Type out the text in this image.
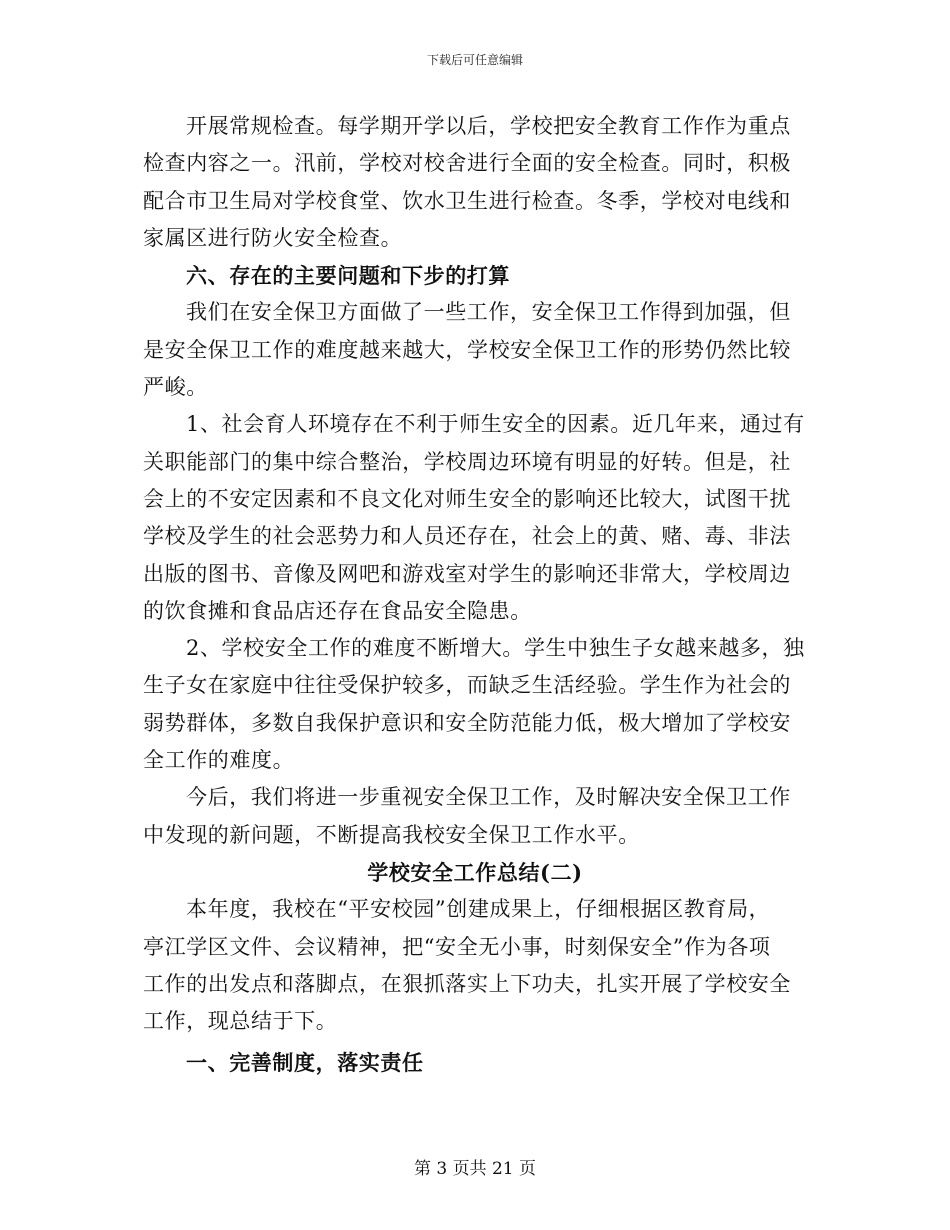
下载后可任意编辑
开展常规检查。每学期开学以后，学校把安全教育工作作为重点
检查内容之一。汛前，学校对校舍进行全面的安全检查。同时，积极
配合市卫生局对学校食堂、饮水卫生进行检查。冬季，学校对电线和
家属区进行防火安全检查。
六、存在的主要问题和下步的打算
我们在安全保卫方面做了一些工作，安全保卫工作得到加强，但
是安全保卫工作的难度越来越大，学校安全保卫工作的形势仍然比较
严峻。
1、社会育人环境存在不利于师生安全的因素。近几年来，通过有
关职能部门的集中综合整治，学校周边环境有明显的好转。但是，社
会上的不安定因素和不良文化对师生安全的影响还比较大，试图干扰
学校及学生的社会恶势力和人员还存在，社会上的黄、赌、毒、非法
出版的图书、音像及网吧和游戏室对学生的影响还非常大，学校周边
的饮食摊和食品店还存在食品安全隐患。
2、学校安全工作的难度不断增大。学生中独生子女越来越多，独
生子女在家庭中往往受保护较多，而缺乏生活经验。学生作为社会的
弱势群体，多数自我保护意识和安全防范能力低，极大增加了学校安
全工作的难度。
今后，我们将进一步重视安全保卫工作，及时解决安全保卫工作
中发现的新问题，不断提高我校安全保卫工作水平。
学校安全工作总结(二)
本年度，我校在“平安校园”创建成果上，仔细根据区教育局，
亭江学区文件、会议精神，把“安全无小事，时刻保安全”作为各项
工作的出发点和落脚点，在狠抓落实上下功夫，扎实开展了学校安全
工作，现总结于下。
一、完善制度，落实责任
第 3 页共 21 页
